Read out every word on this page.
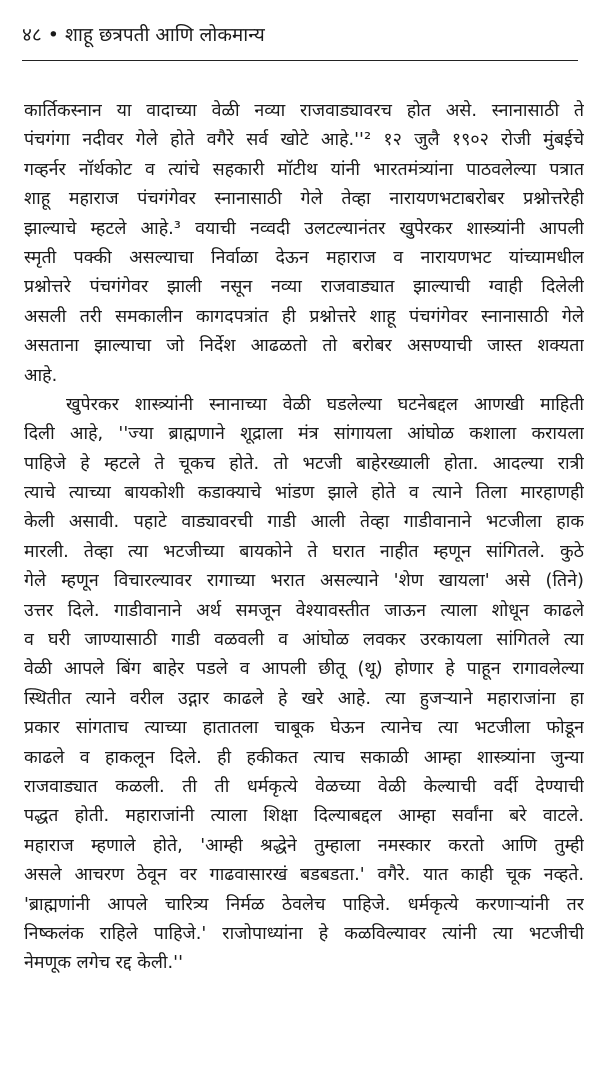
४८ • शाहू छत्रपती आणि लोकमान्य
कार्तिकस्नान या वादाच्या वेळी नव्या राजवाड्यावरच होत असे. स्नानासाठी ते
पंचगंगा नदीवर गेले होते वगैरे सर्व खोटे आहे.''² १२ जुलै १९०२ रोजी मुंबईचे
गव्हर्नर नॉर्थकोट व त्यांचे सहकारी मॉटीथ यांनी भारतमंत्र्यांना पाठवलेल्या पत्रात
शाहू महाराज पंचगंगेवर स्नानासाठी गेले तेव्हा नारायणभटाबरोबर प्रश्नोत्तरेही
झाल्याचे म्हटले आहे.³ वयाची नव्वदी उलटल्यानंतर खुपेरकर शास्त्र्यांनी आपली
स्मृती पक्की असल्याचा निर्वाळा देऊन महाराज व नारायणभट यांच्यामधील
प्रश्नोत्तरे पंचगंगेवर झाली नसून नव्या राजवाड्यात झाल्याची ग्वाही दिलेली
असली तरी समकालीन कागदपत्रांत ही प्रश्नोत्तरे शाहू पंचगंगेवर स्नानासाठी गेले
असताना झाल्याचा जो निर्देश आढळतो तो बरोबर असण्याची जास्त शक्यता
आहे.
खुपेरकर शास्त्र्यांनी स्नानाच्या वेळी घडलेल्या घटनेबद्दल आणखी माहिती
दिली आहे, ''ज्या ब्राह्मणाने शूद्राला मंत्र सांगायला आंघोळ कशाला करायला
पाहिजे हे म्हटले ते चूकच होते. तो भटजी बाहेरख्याली होता. आदल्या रात्री
त्याचे त्याच्या बायकोशी कडाक्याचे भांडण झाले होते व त्याने तिला मारहाणही
केली असावी. पहाटे वाड्यावरची गाडी आली तेव्हा गाडीवानाने भटजीला हाक
मारली. तेव्हा त्या भटजीच्या बायकोने ते घरात नाहीत म्हणून सांगितले. कुठे
गेले म्हणून विचारल्यावर रागाच्या भरात असल्याने 'शेण खायला' असे (तिने)
उत्तर दिले. गाडीवानाने अर्थ समजून वेश्यावस्तीत जाऊन त्याला शोधून काढले
व घरी जाण्यासाठी गाडी वळवली व आंघोळ लवकर उरकायला सांगितले त्या
वेळी आपले बिंग बाहेर पडले व आपली छीतू (थू) होणार हे पाहून रागावलेल्या
स्थितीत त्याने वरील उद्गार काढले हे खरे आहे. त्या हुजऱ्याने महाराजांना हा
प्रकार सांगताच त्याच्या हातातला चाबूक घेऊन त्यानेच त्या भटजीला फोडून
काढले व हाकलून दिले. ही हकीकत त्याच सकाळी आम्हा शास्त्र्यांना जुन्या
राजवाड्यात कळली. ती ती धर्मकृत्ये वेळच्या वेळी केल्याची वर्दी देण्याची
पद्धत होती. महाराजांनी त्याला शिक्षा दिल्याबद्दल आम्हा सर्वांना बरे वाटले.
महाराज म्हणाले होते, 'आम्ही श्रद्धेने तुम्हाला नमस्कार करतो आणि तुम्ही
असले आचरण ठेवून वर गाढवासारखं बडबडता.' वगैरे. यात काही चूक नव्हते.
'ब्राह्मणांनी आपले चारित्र्य निर्मळ ठेवलेच पाहिजे. धर्मकृत्ये करणाऱ्यांनी तर
निष्कलंक राहिले पाहिजे.' राजोपाध्यांना हे कळविल्यावर त्यांनी त्या भटजीची
नेमणूक लगेच रद्द केली.''
